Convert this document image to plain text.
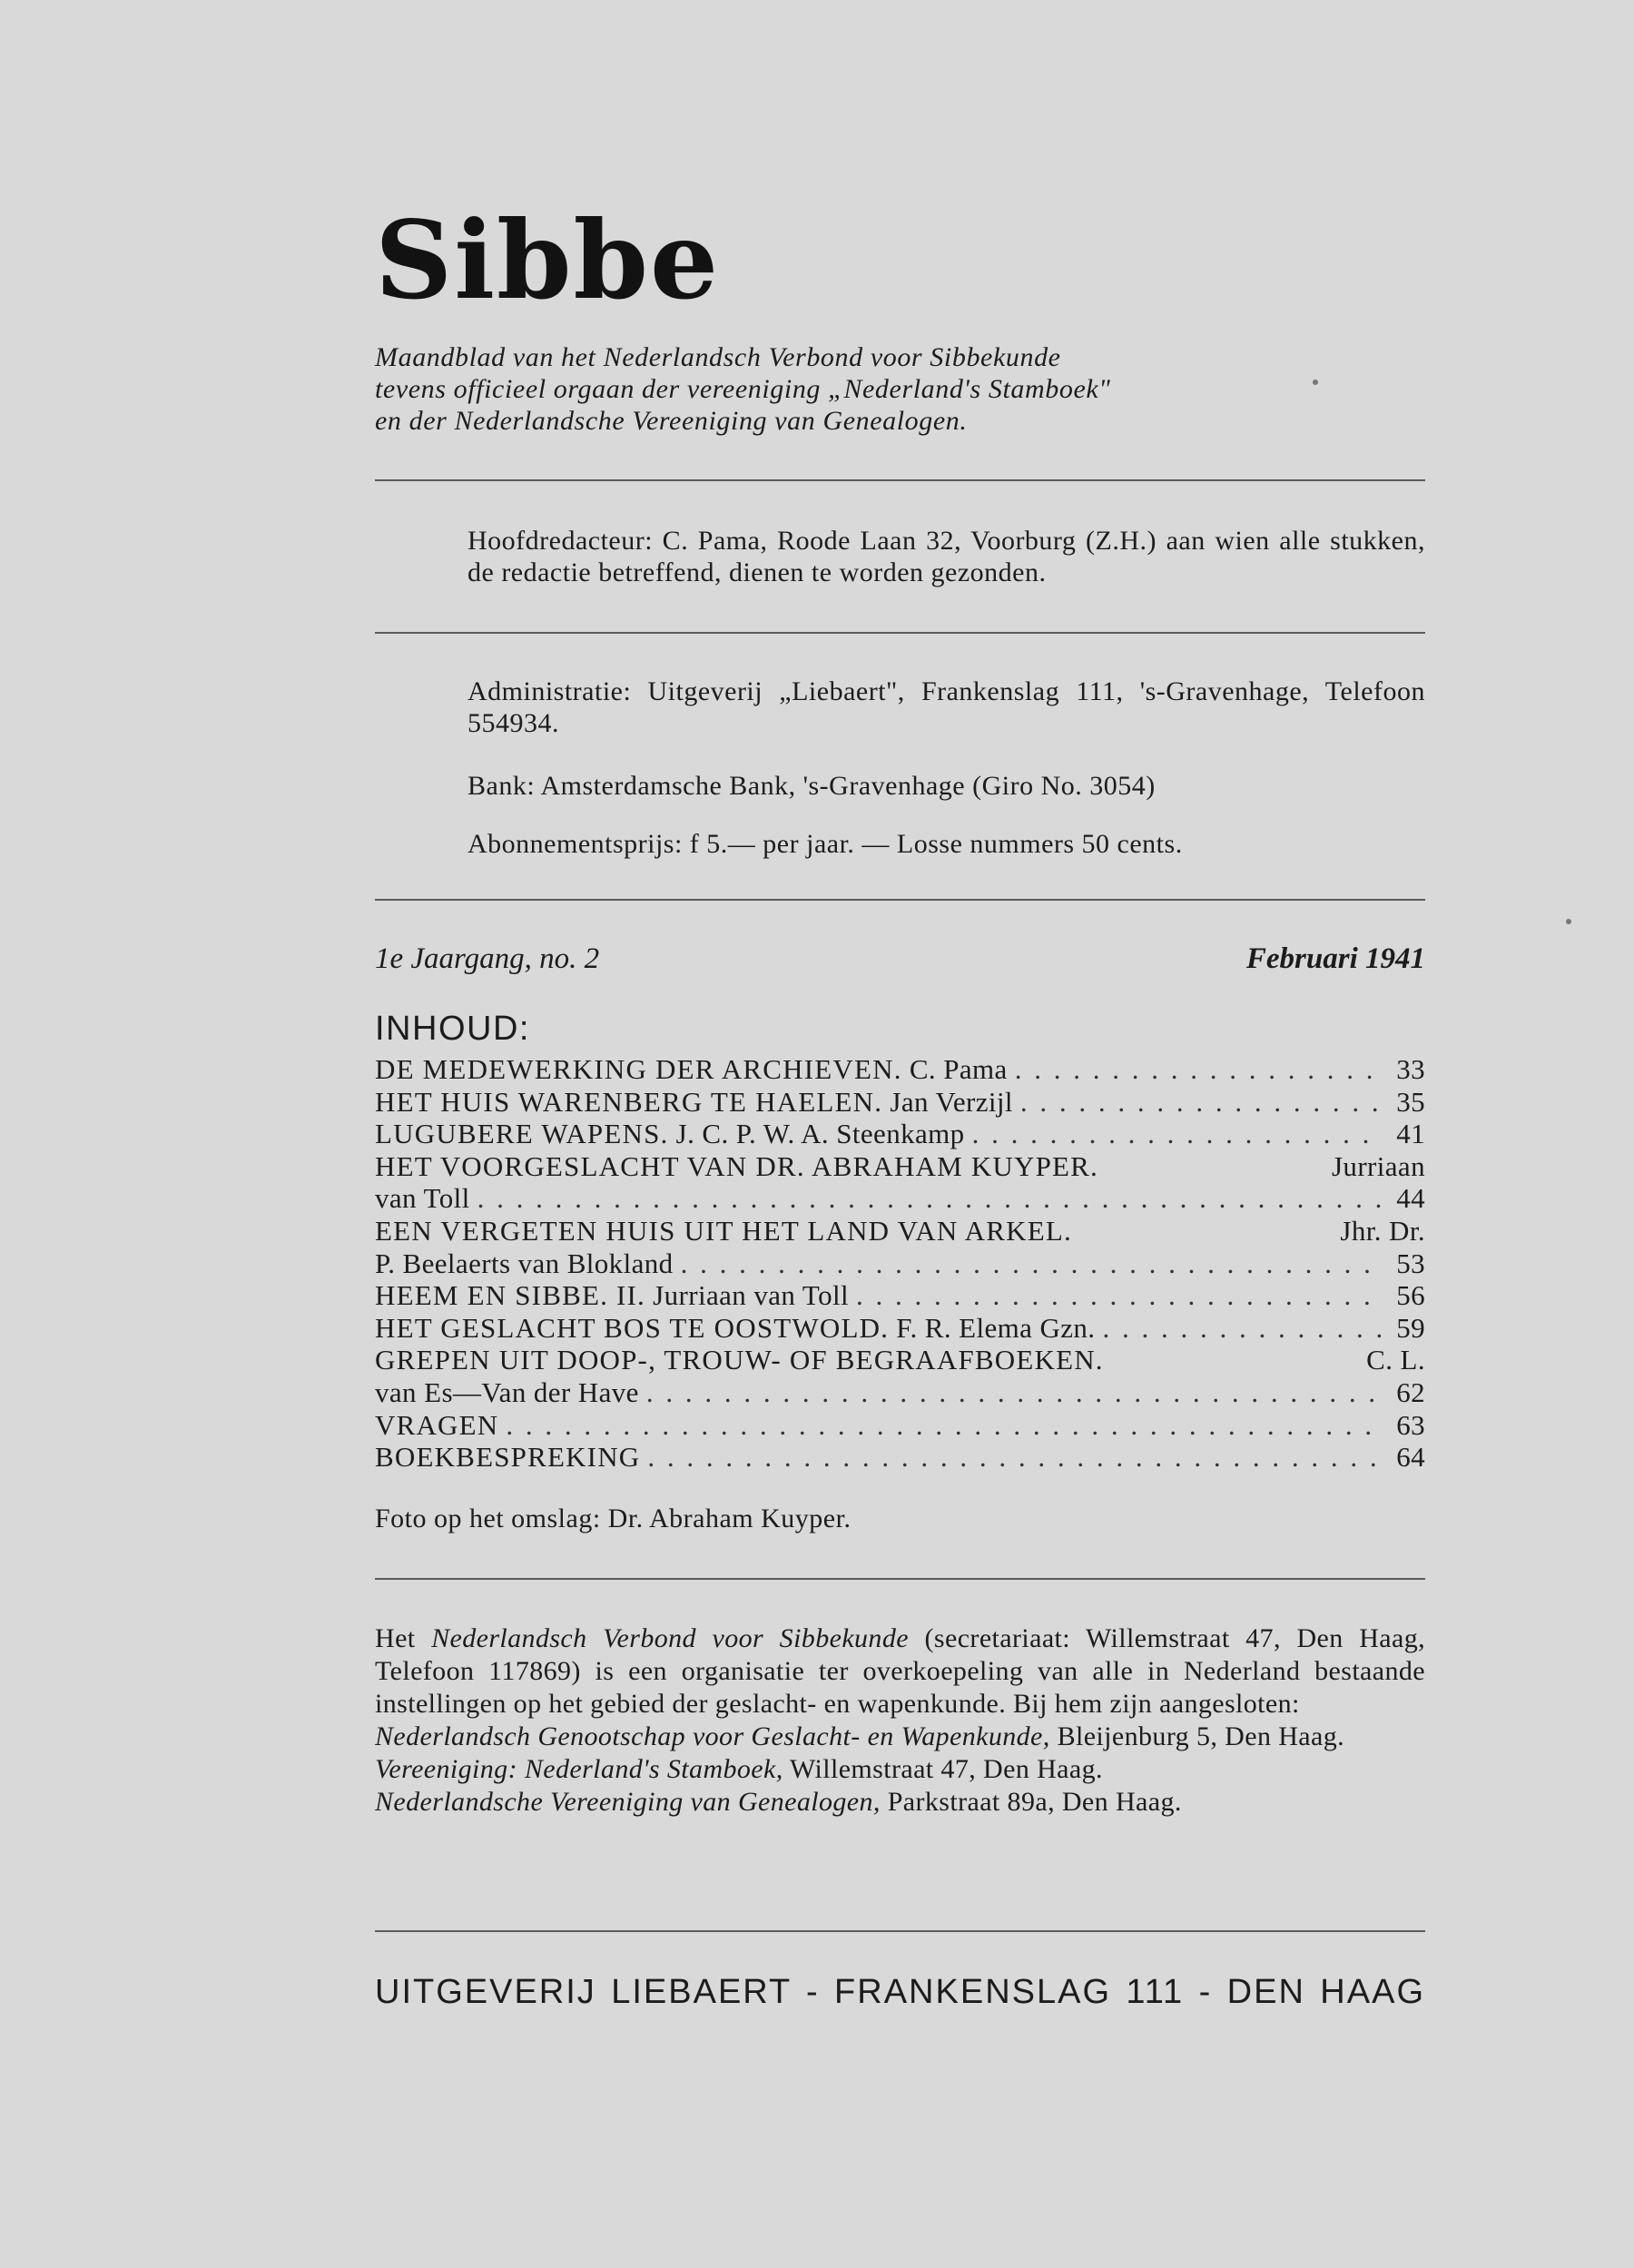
Sibbe
Maandblad van het Nederlandsch Verbond voor Sibbekunde
tevens officieel orgaan der vereeniging „Nederland's Stamboek"
en der Nederlandsche Vereeniging van Genealogen.

Hoofdredacteur: C. Pama, Roode Laan 32, Voorburg (Z.H.) aan wien alle stukken, de redactie betreffend, dienen te worden gezonden.

Administratie: Uitgeverij „Liebaert", Frankenslag 111, 's-Gravenhage, Telefoon 554934.

Bank: Amsterdamsche Bank, 's-Gravenhage (Giro No. 3054)

Abonnementsprijs: f 5.— per jaar. — Losse nummers 50 cents.

1e Jaargang, no. 2	Februari 1941
INHOUD:
DE MEDEWERKING DER ARCHIEVEN. C. Pama . . .	33
HET HUIS WARENBERG TE HAELEN. Jan Verzijl . . .	35
LUGUBERE WAPENS. J. C. P. W. A. Steenkamp . . .	41
HET VOORGESLACHT VAN DR. ABRAHAM KUYPER.	Jurriaan
van Toll . . .	44
EEN VERGETEN HUIS UIT HET LAND VAN ARKEL.	Jhr. Dr.
P. Beelaerts van Blokland . . .	53
HEEM EN SIBBE. II. Jurriaan van Toll . . .	56
HET GESLACHT BOS TE OOSTWOLD. F. R. Elema Gzn. . . .	59
GREPEN UIT DOOP-, TROUW- OF BEGRAAFBOEKEN.	C. L.
van Es—Van der Have . . .	62
VRAGEN . . .	63
BOEKBESPREKING . . .	64
Foto op het omslag: Dr. Abraham Kuyper.

Het Nederlandsch Verbond voor Sibbekunde (secretariaat: Willemstraat 47, Den Haag, Telefoon 117869) is een organisatie ter overkoepeling van alle in Nederland bestaande instellingen op het gebied der geslacht- en wapenkunde. Bij hem zijn aangesloten:

Nederlandsch Genootschap voor Geslacht- en Wapenkunde, Bleijenburg 5, Den Haag.

Vereeniging: Nederland's Stamboek, Willemstraat 47, Den Haag.

Nederlandsche Vereeniging van Genealogen, Parkstraat 89a, Den Haag.

UITGEVERIJ LIEBAERT - FRANKENSLAG 111 - DEN HAAG
